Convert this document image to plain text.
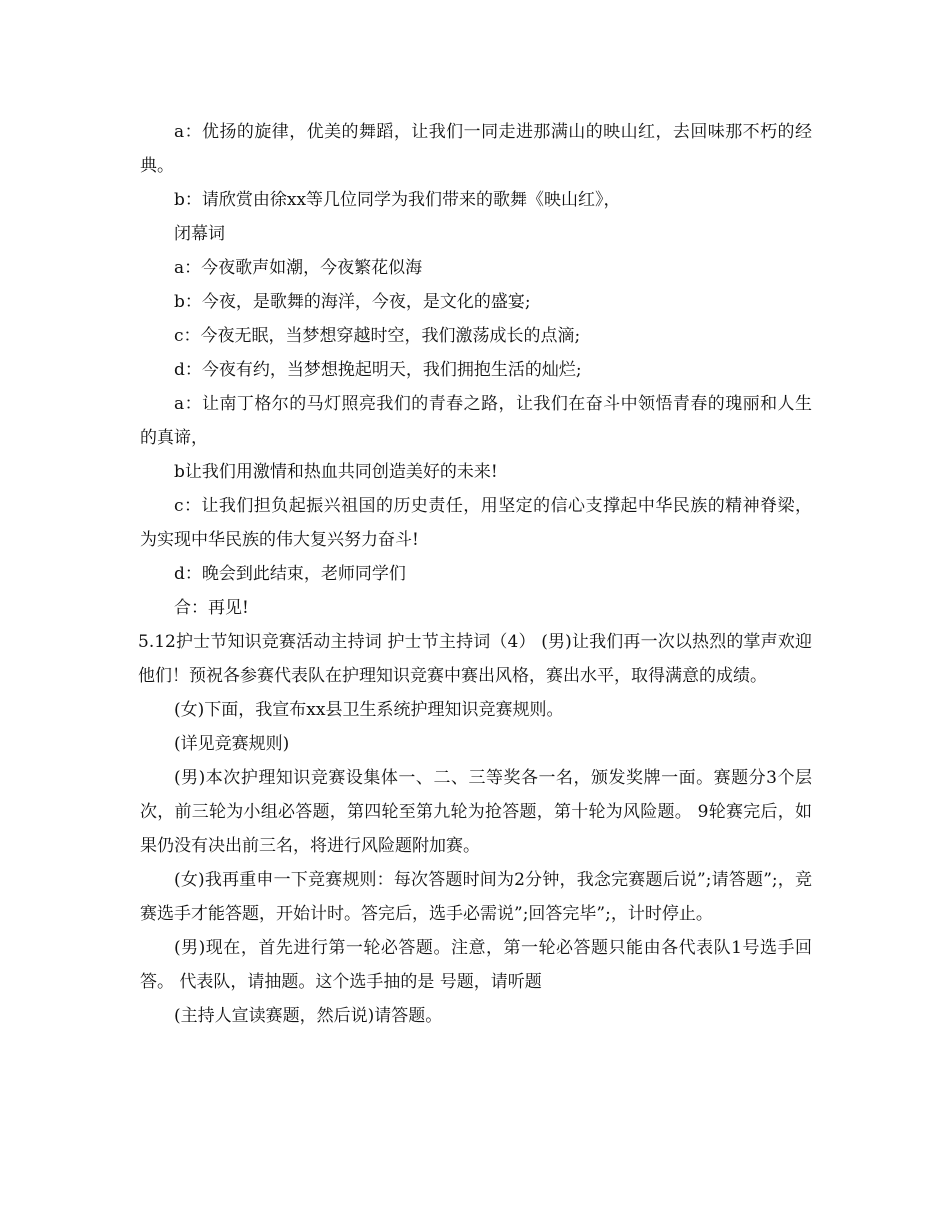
a：优扬的旋律，优美的舞蹈，让我们一同走进那满山的映山红，去回味那不朽的经典。

b：请欣赏由徐xx等几位同学为我们带来的歌舞《映山红》，

闭幕词

a：今夜歌声如潮，今夜繁花似海

b：今夜，是歌舞的海洋，今夜，是文化的盛宴;

c：今夜无眠，当梦想穿越时空，我们激荡成长的点滴;

d：今夜有约，当梦想挽起明天，我们拥抱生活的灿烂;

a：让南丁格尔的马灯照亮我们的青春之路，让我们在奋斗中领悟青春的瑰丽和人生的真谛，

b让我们用激情和热血共同创造美好的未来!

c：让我们担负起振兴祖国的历史责任，用坚定的信心支撑起中华民族的精神脊梁，为实现中华民族的伟大复兴努力奋斗!

d：晚会到此结束，老师同学们

合：再见!

5.12护士节知识竞赛活动主持词 护士节主持词（4） (男)让我们再一次以热烈的掌声欢迎他们！预祝各参赛代表队在护理知识竞赛中赛出风格，赛出水平，取得满意的成绩。

(女)下面，我宣布xx县卫生系统护理知识竞赛规则。

(详见竞赛规则)

(男)本次护理知识竞赛设集体一、二、三等奖各一名，颁发奖牌一面。赛题分3个层次，前三轮为小组必答题，第四轮至第九轮为抢答题，第十轮为风险题。 9轮赛完后，如果仍没有决出前三名，将进行风险题附加赛。

(女)我再重申一下竞赛规则：每次答题时间为2分钟，我念完赛题后说”;请答题”;，竞赛选手才能答题，开始计时。答完后，选手必需说”;回答完毕”;，计时停止。

(男)现在，首先进行第一轮必答题。注意，第一轮必答题只能由各代表队1号选手回答。 代表队，请抽题。这个选手抽的是 号题，请听题

(主持人宣读赛题，然后说)请答题。
